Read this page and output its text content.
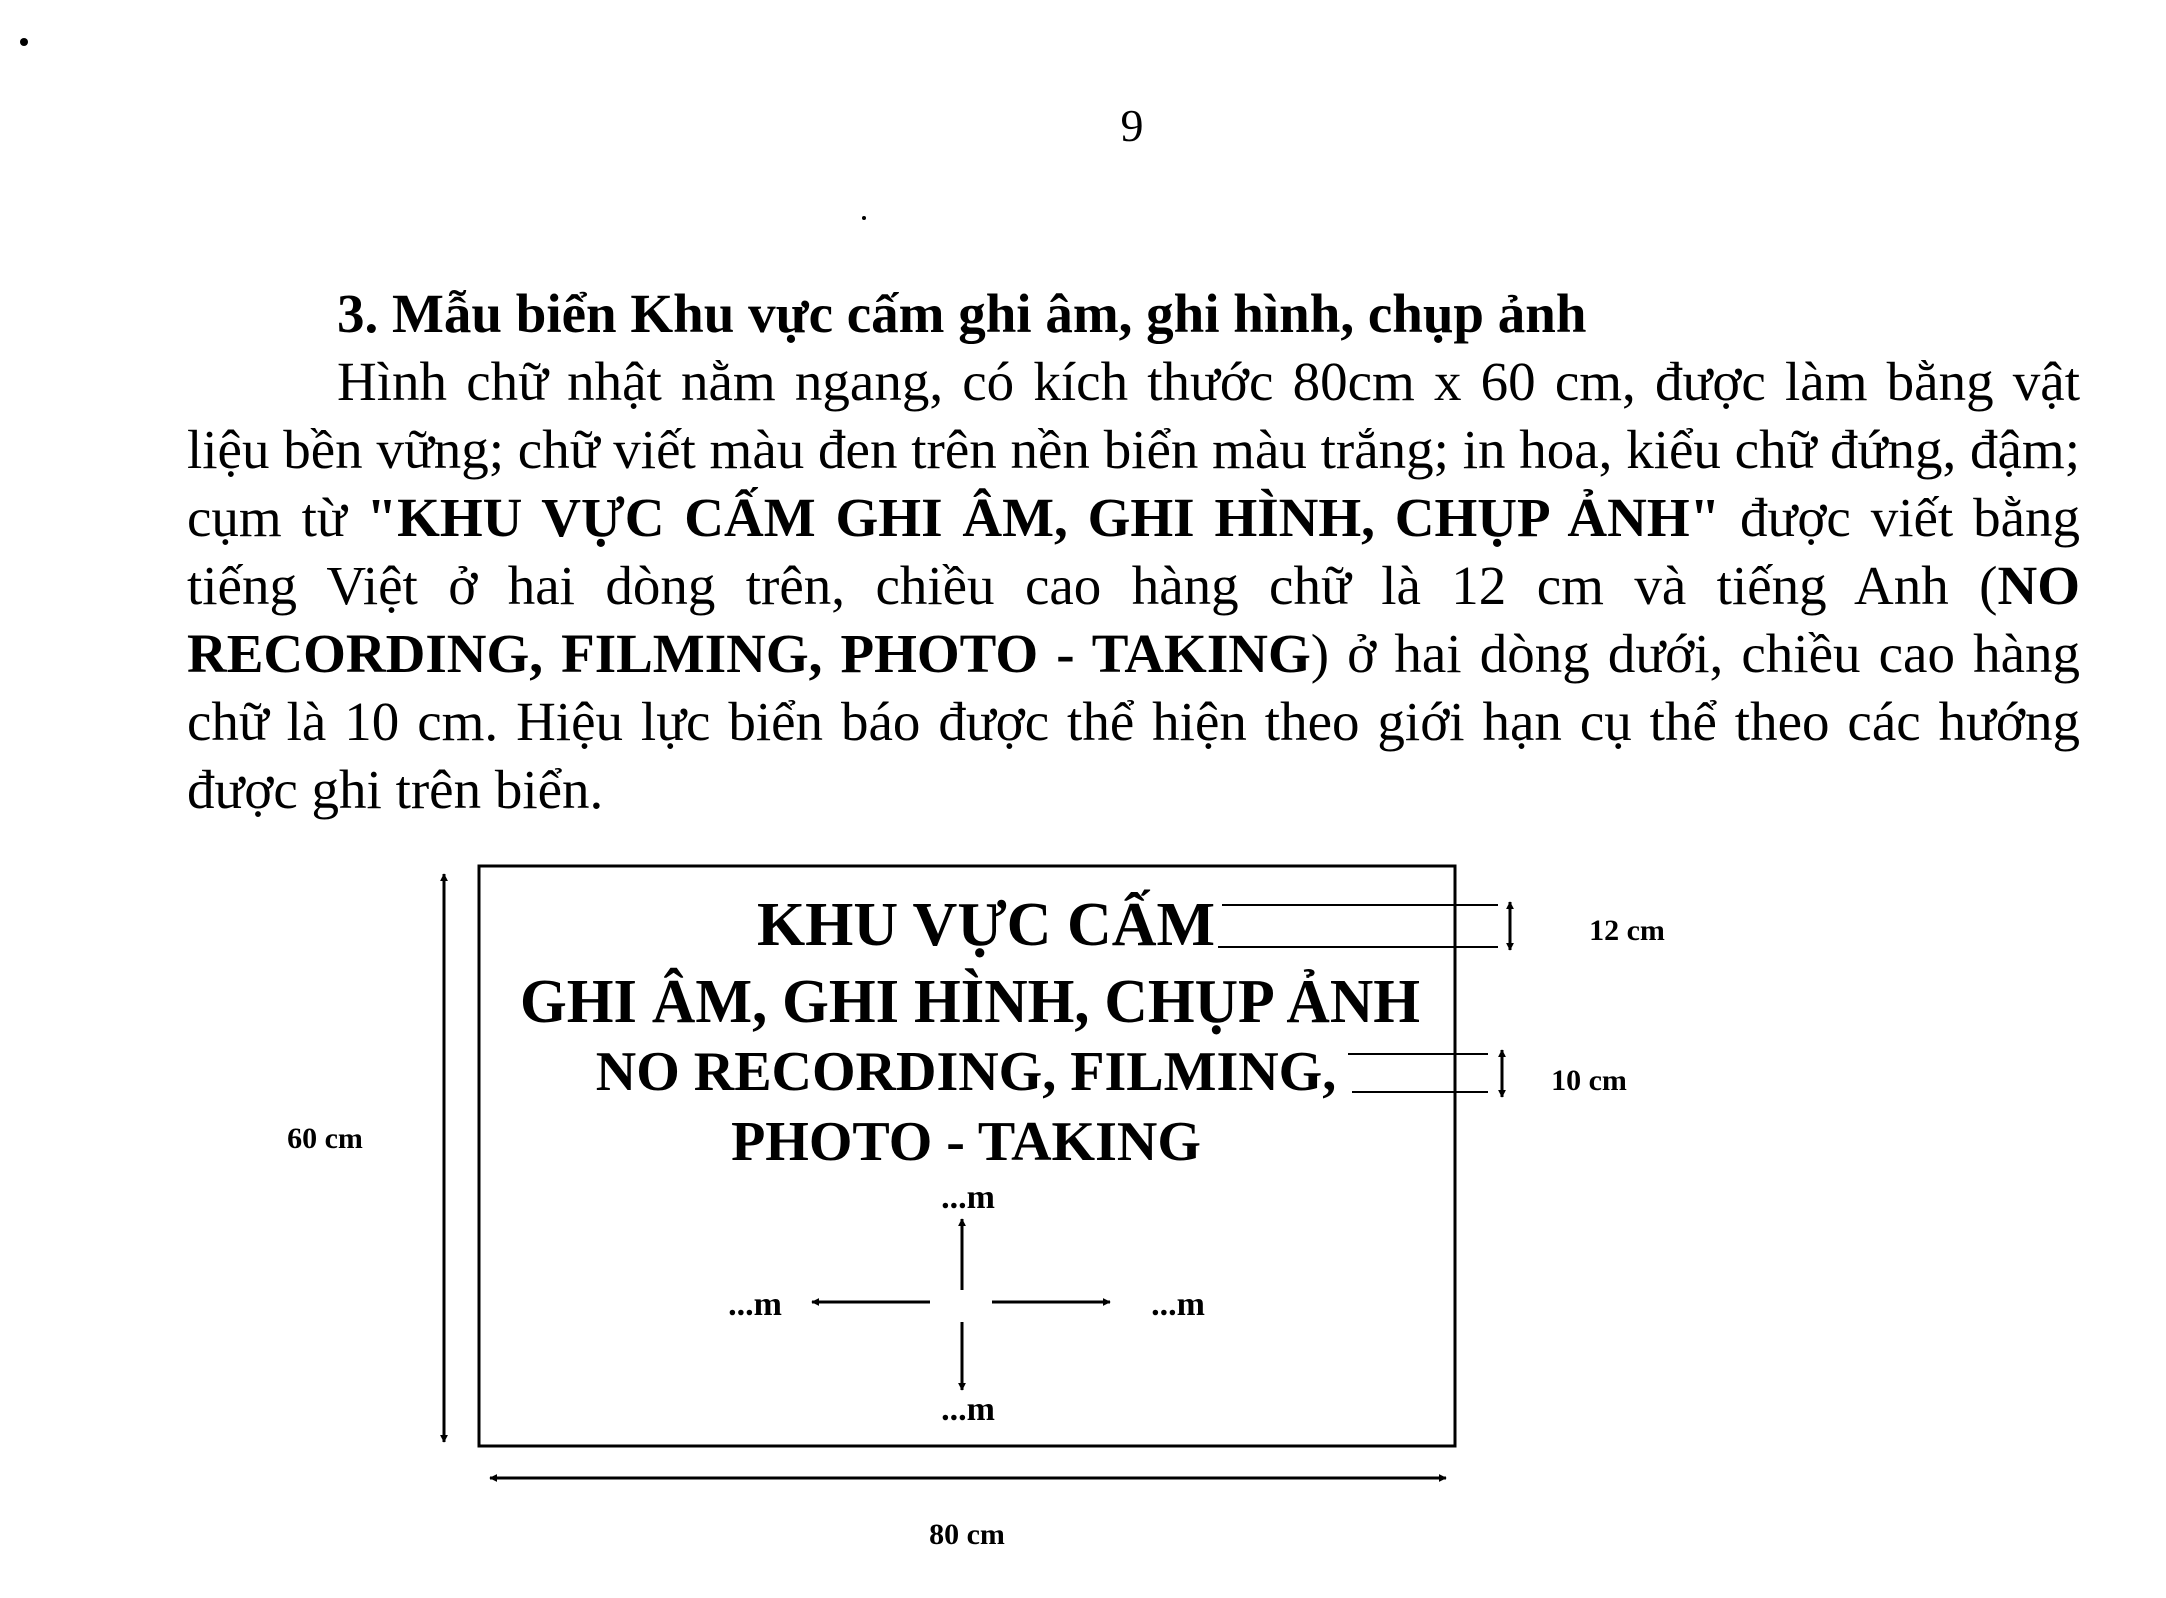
9
3. Mẫu biển Khu vực cấm ghi âm, ghi hình, chụp ảnh

Hình chữ nhật nằm ngang, có kích thước 80cm x 60 cm, được làm bằng vật liệu bền vững; chữ viết màu đen trên nền biển màu trắng; in hoa, kiểu chữ đứng, đậm; cụm từ "KHU VỰC CẤM GHI ÂM, GHI HÌNH, CHỤP ẢNH" được viết bằng tiếng Việt ở hai dòng trên, chiều cao hàng chữ là 12 cm và tiếng Anh (NO RECORDING, FILMING, PHOTO - TAKING) ở hai dòng dưới, chiều cao hàng chữ là 10 cm. Hiệu lực biển báo được thể hiện theo giới hạn cụ thể theo các hướng được ghi trên biển.

KHU VỰC CẤM
GHI ÂM, GHI HÌNH, CHỤP ẢNH
NO RECORDING, FILMING,
PHOTO - TAKING
...m
...m
...m	...m
60 cm
80 cm
12 cm
10 cm
